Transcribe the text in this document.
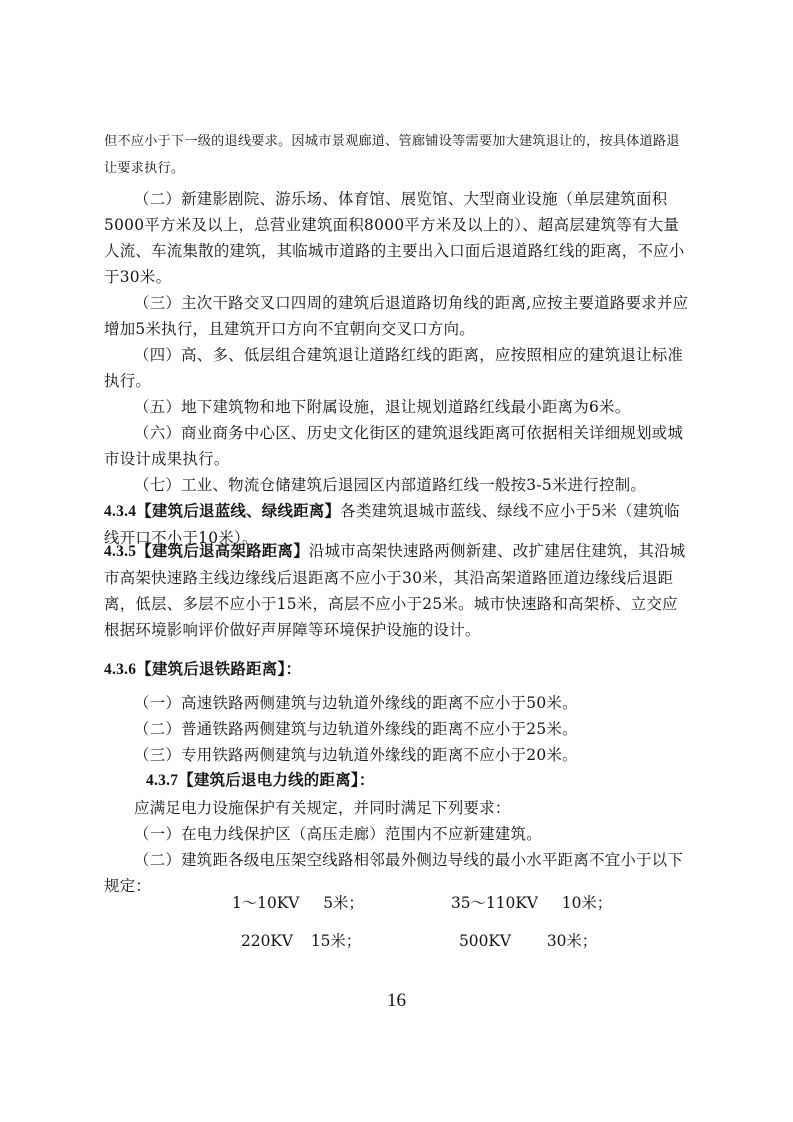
但不应小于下一级的退线要求。因城市景观廊道、管廊铺设等需要加大建筑退让的，按具体道路退让要求执行。

（二）新建影剧院、游乐场、体育馆、展览馆、大型商业设施（单层建筑面积5000平方米及以上，总营业建筑面积8000平方米及以上的）、超高层建筑等有大量人流、车流集散的建筑，其临城市道路的主要出入口面后退道路红线的距离，不应小于30米。

（三）主次干路交叉口四周的建筑后退道路切角线的距离,应按主要道路要求并应增加5米执行，且建筑开口方向不宜朝向交叉口方向。

（四）高、多、低层组合建筑退让道路红线的距离，应按照相应的建筑退让标准执行。

（五）地下建筑物和地下附属设施，退让规划道路红线最小距离为6米。

（六）商业商务中心区、历史文化街区的建筑退线距离可依据相关详细规划或城市设计成果执行。

（七）工业、物流仓储建筑后退园区内部道路红线一般按3-5米进行控制。

4.3.4【建筑后退蓝线、绿线距离】各类建筑退城市蓝线、绿线不应小于5米（建筑临线开口不小于10米）。

4.3.5【建筑后退高架路距离】沿城市高架快速路两侧新建、改扩建居住建筑，其沿城市高架快速路主线边缘线后退距离不应小于30米，其沿高架道路匝道边缘线后退距离，低层、多层不应小于15米，高层不应小于25米。城市快速路和高架桥、立交应根据环境影响评价做好声屏障等环境保护设施的设计。

4.3.6【建筑后退铁路距离】：

（一）高速铁路两侧建筑与边轨道外缘线的距离不应小于50米。

（二）普通铁路两侧建筑与边轨道外缘线的距离不应小于25米。

（三）专用铁路两侧建筑与边轨道外缘线的距离不应小于20米。

4.3.7【建筑后退电力线的距离】：

应满足电力设施保护有关规定，并同时满足下列要求：

（一）在电力线保护区（高压走廊）范围内不应新建建筑。

（二）建筑距各级电压架空线路相邻最外侧边导线的最小水平距离不宜小于以下规定：

1～10KV 5米；	35～110KV 10米；
220KV 15米；	500KV 30米；
16
